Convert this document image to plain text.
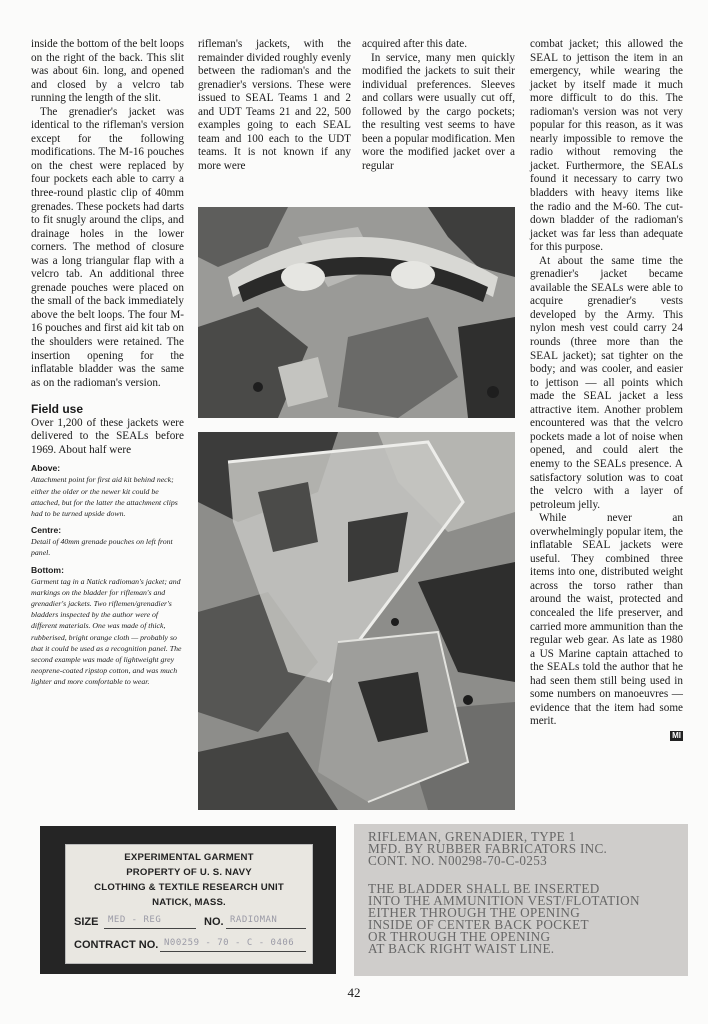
inside the bottom of the belt loops on the right of the back. This slit was about 6in. long, and opened and closed by a velcro tab running the length of the slit.

The grenadier's jacket was identical to the rifleman's version except for the following modifications. The M-16 pouches on the chest were replaced by four pockets each able to carry a three-round plastic clip of 40mm grenades. These pockets had darts to fit snugly around the clips, and drainage holes in the lower corners. The method of closure was a long triangular flap with a velcro tab. An additional three grenade pouches were placed on the small of the back immediately above the belt loops. The four M-16 pouches and first aid kit tab on the shoulders were retained. The insertion opening for the inflatable bladder was the same as on the radioman's version.

Field use

Over 1,200 of these jackets were delivered to the SEALs before 1969. About half were

Above:

Attachment point for first aid kit behind neck; either the older or the newer kit could be attached, but for the latter the attachment clips had to be turned upside down.

Centre:

Detail of 40mm grenade pouches on left front panel.

Bottom:

Garment tag in a Natick radioman's jacket; and markings on the bladder for rifleman's and grenadier's jackets. Two riflemen/grenadier's bladders inspected by the author were of different materials. One was made of thick, rubberised, bright orange cloth — probably so that it could be used as a recognition panel. The second example was made of lightweight grey neoprene-coated ripstop cotton, and was much lighter and more comfortable to wear.

rifleman's jackets, with the remainder divided roughly evenly between the radioman's and the grenadier's versions. These were issued to SEAL Teams 1 and 2 and UDT Teams 21 and 22, 500 examples going to each SEAL team and 100 each to the UDT teams. It is not known if any more were

acquired after this date.

In service, many men quickly modified the jackets to suit their individual preferences. Sleeves and collars were usually cut off, followed by the cargo pockets; the resulting vest seems to have been a popular modification. Men wore the modified jacket over a regular

combat jacket; this allowed the SEAL to jettison the item in an emergency, while wearing the jacket by itself made it much more difficult to do this. The radioman's version was not very popular for this reason, as it was nearly impossible to remove the radio without removing the jacket. Furthermore, the SEALs found it necessary to carry two bladders with heavy items like the radio and the M-60. The cut-down bladder of the radioman's jacket was far less than adequate for this purpose.

At about the same time the grenadier's jacket became available the SEALs were able to acquire grenadier's vests developed by the Army. This nylon mesh vest could carry 24 rounds (three more than the SEAL jacket); sat tighter on the body; and was cooler, and easier to jettison — all points which made the SEAL jacket a less attractive item. Another problem encountered was that the velcro pockets made a lot of noise when opened, and could alert the enemy to the SEALs presence. A satisfactory solution was to coat the velcro with a layer of petroleum jelly.

While never an overwhelmingly popular item, the inflatable SEAL jackets were useful. They combined three items into one, distributed weight across the torso rather than around the waist, protected and concealed the life preserver, and carried more ammunition than the regular web gear. As late as 1980 a US Marine captain attached to the SEALs told the author that he had seen them still being used in some numbers on manoeuvres — evidence that the item had some merit.

MI

EXPERIMENTAL GARMENT
PROPERTY OF U. S. NAVY
CLOTHING & TEXTILE RESEARCH UNIT
NATICK, MASS.
SIZE MED - REG	NO. RADIOMAN
CONTRACT NO. N00259 - 70 - C - 0406
RIFLEMAN, GRENADIER, TYPE 1
MFD. BY RUBBER FABRICATORS INC.
CONT. NO. N00298-70-C-0253
THE BLADDER SHALL BE INSERTED
INTO THE AMMUNITION VEST/FLOTATION
EITHER THROUGH THE OPENING
INSIDE OF CENTER BACK POCKET
OR THROUGH THE OPENING
AT BACK RIGHT WAIST LINE.
42
